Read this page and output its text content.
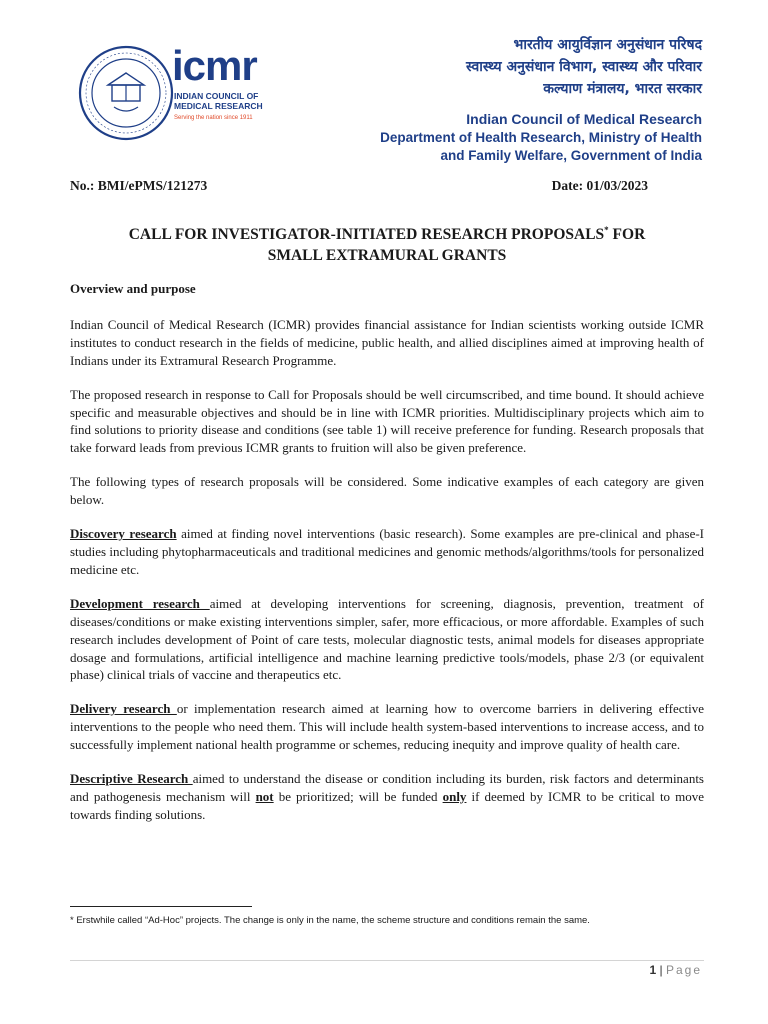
icmr
INDIAN COUNCIL OF
MEDICAL RESEARCH
Serving the nation since 1911
भारतीय आयुर्विज्ञान अनुसंधान परिषद
स्वास्थ्य अनुसंधान विभाग, स्वास्थ्य और परिवार
कल्याण मंत्रालय, भारत सरकार
Indian Council of Medical Research
Department of Health Research, Ministry of Health
and Family Welfare, Government of India
No.: BMI/ePMS/121273	Date: 01/03/2023
CALL FOR INVESTIGATOR-INITIATED RESEARCH PROPOSALS* FOR
SMALL EXTRAMURAL GRANTS
Overview and purpose

Indian Council of Medical Research (ICMR) provides financial assistance for Indian scientists working outside ICMR institutes to conduct research in the fields of medicine, public health, and allied disciplines aimed at improving health of Indians under its Extramural Research Programme.

The proposed research in response to Call for Proposals should be well circumscribed, and time bound. It should achieve specific and measurable objectives and should be in line with ICMR priorities. Multidisciplinary projects which aim to find solutions to priority disease and conditions (see table 1) will receive preference for funding. Research proposals that take forward leads from previous ICMR grants to fruition will also be given preference.

The following types of research proposals will be considered. Some indicative examples of each category are given below.

Discovery research aimed at finding novel interventions (basic research). Some examples are pre-clinical and phase-I studies including phytopharmaceuticals and traditional medicines and genomic methods/algorithms/tools for personalized medicine etc.

Development research aimed at developing interventions for screening, diagnosis, prevention, treatment of diseases/conditions or make existing interventions simpler, safer, more efficacious, or more affordable. Examples of such research includes development of Point of care tests, molecular diagnostic tests, animal models for diseases appropriate dosage and formulations, artificial intelligence and machine learning predictive tools/models, phase 2/3 (or equivalent phase) clinical trials of vaccine and therapeutics etc.

Delivery research or implementation research aimed at learning how to overcome barriers in delivering effective interventions to the people who need them. This will include health system-based interventions to increase access, and to successfully implement national health programme or schemes, reducing inequity and improve quality of health care.

Descriptive Research aimed to understand the disease or condition including its burden, risk factors and determinants and pathogenesis mechanism will not be prioritized; will be funded only if deemed by ICMR to be critical to move towards finding solutions.

* Erstwhile called “Ad-Hoc” projects. The change is only in the name, the scheme structure and conditions remain the same.
1 | Page
